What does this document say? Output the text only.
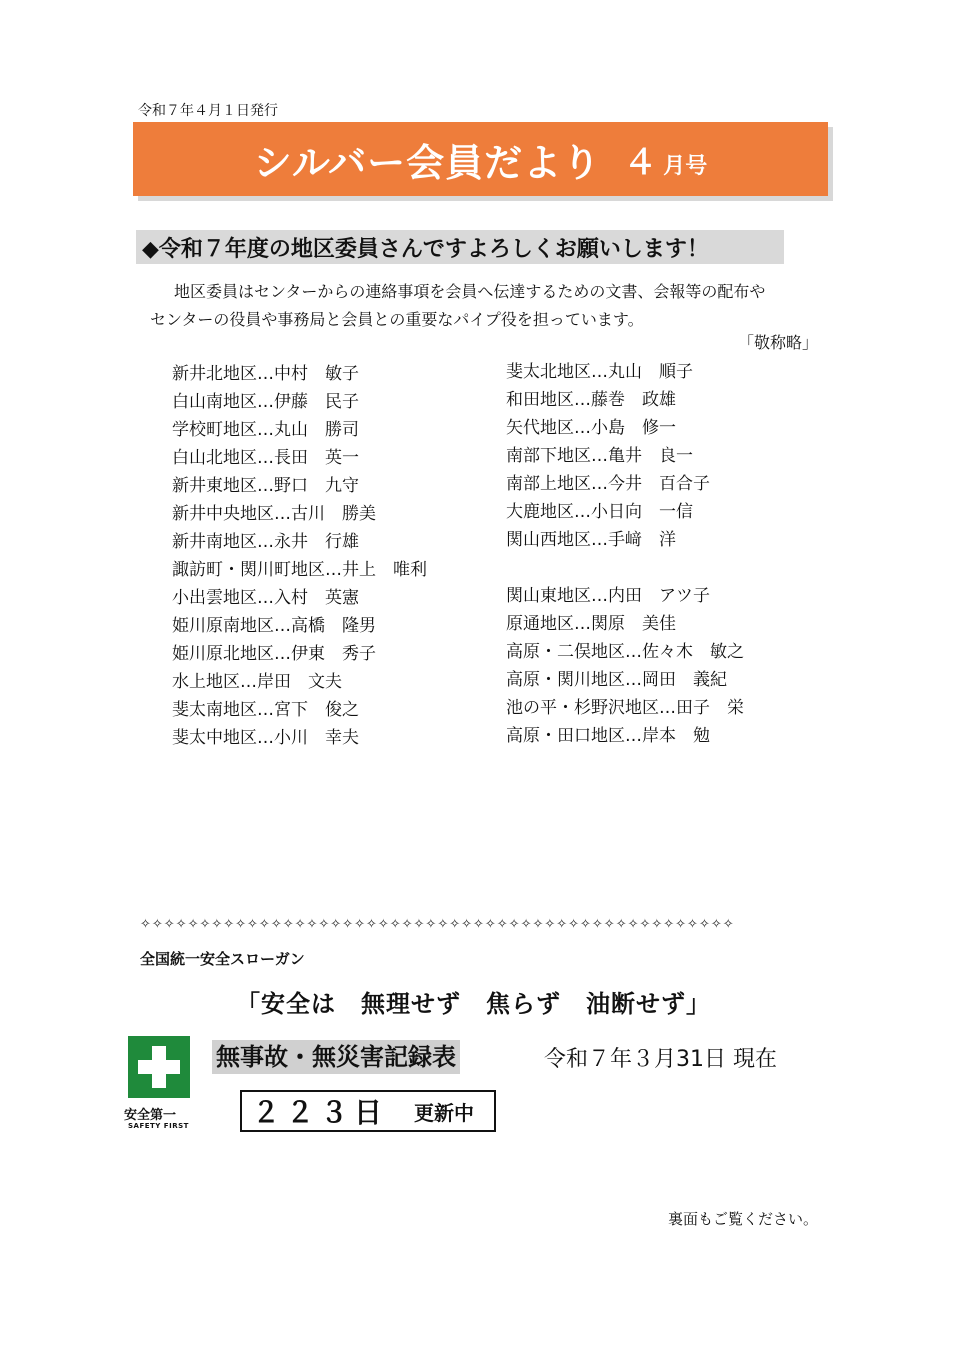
令和７年４月１日発行
シルバー会員だより ４ 月号
◆令和７年度の地区委員さんですよろしくお願いします！

地区委員はセンターからの連絡事項を会員へ伝達するための文書、会報等の配布や

センターの役員や事務局と会員との重要なパイプ役を担っています。

「敬称略」
新井北地区…中村　敏子
白山南地区…伊藤　民子
学校町地区…丸山　勝司
白山北地区…長田　英一
新井東地区…野口　九守
新井中央地区…古川　勝美
新井南地区…永井　行雄
諏訪町・関川町地区…井上　唯利
小出雲地区…入村　英憲
姫川原南地区…高橋　隆男
姫川原北地区…伊東　秀子
水上地区…岸田　文夫
斐太南地区…宮下　俊之
斐太中地区…小川　幸夫
斐太北地区…丸山　順子
和田地区…藤巻　政雄
矢代地区…小島　修一
南部下地区…亀井　良一
南部上地区…今井　百合子
大鹿地区…小日向　一信
関山西地区…手﨑　洋
関山東地区…内田　アツ子
原通地区…関原　美佳
高原・二俣地区…佐々木　敏之
高原・関川地区…岡田　義紀
池の平・杉野沢地区…田子　栄
高原・田口地区…岸本　勉
✧✧✧✧✧✧✧✧✧✧✧✧✧✧✧✧✧✧✧✧✧✧✧✧✧✧✧✧✧✧✧✧✧✧✧✧✧✧✧✧✧✧✧✧✧✧✧✧✧✧
全国統一安全スローガン
「安全は　無理せず　焦らず　油断せず」
安全第一
SAFETY FIRST
無事故・無災害記録表	令和７年３月31日 現在
２２３日 更新中
裏面もご覧ください。
